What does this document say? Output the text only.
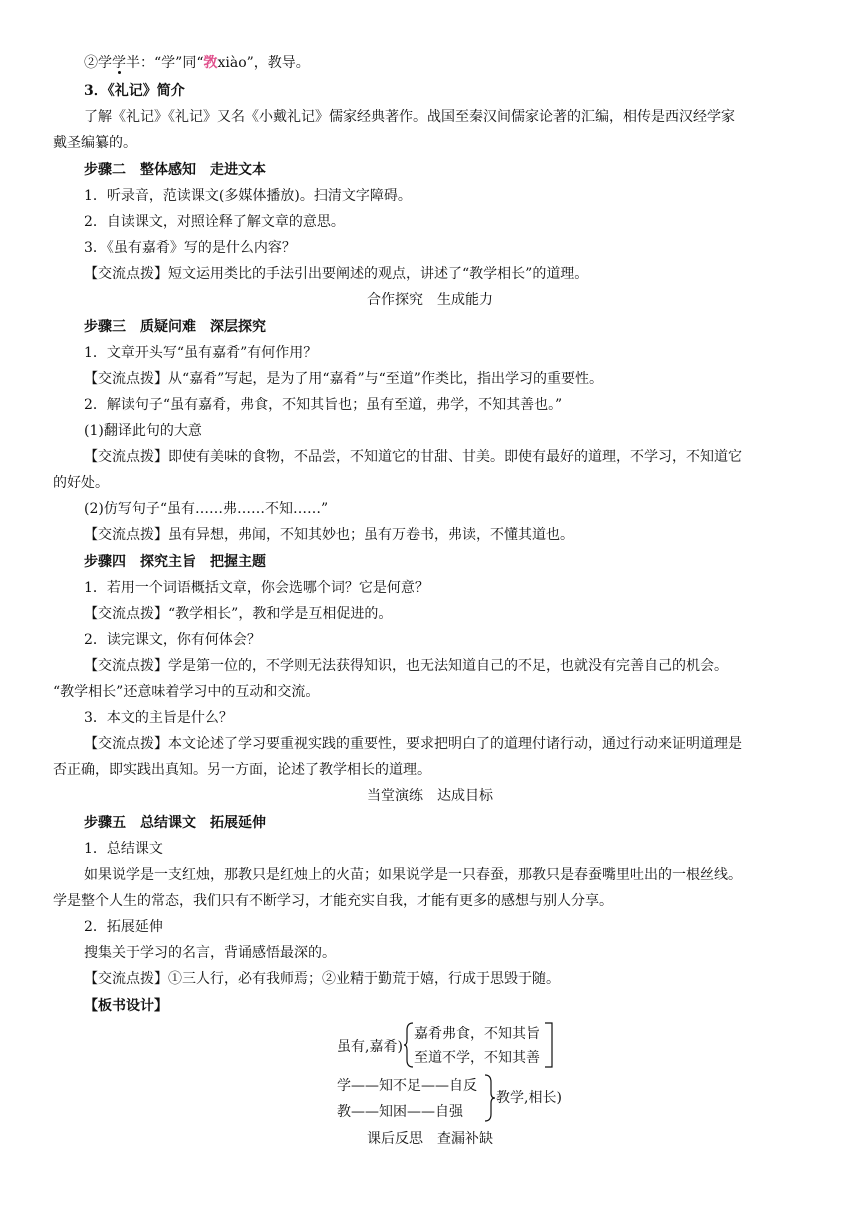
②学学半：“学”同“敩xiào”，教导。
3．《礼记》简介
了解《礼记》《礼记》又名《小戴礼记》儒家经典著作。战国至秦汉间儒家论著的汇编，相传是西汉经学家
戴圣编纂的。
步骤二　整体感知　走进文本
1．听录音，范读课文(多媒体播放)。扫清文字障碍。
2．自读课文，对照诠释了解文章的意思。
3．《虽有嘉肴》写的是什么内容？
【交流点拨】短文运用类比的手法引出要阐述的观点，讲述了“教学相长”的道理。
合作探究　生成能力
步骤三　质疑问难　深层探究
1．文章开头写“虽有嘉肴”有何作用？
【交流点拨】从“嘉肴”写起，是为了用“嘉肴”与“至道”作类比，指出学习的重要性。
2．解读句子“虽有嘉肴，弗食，不知其旨也；虽有至道，弗学，不知其善也。”
(1)翻译此句的大意
【交流点拨】即使有美味的食物，不品尝，不知道它的甘甜、甘美。即使有最好的道理，不学习，不知道它
的好处。
(2)仿写句子“虽有……弗……不知……”
【交流点拨】虽有异想，弗闻，不知其妙也；虽有万卷书，弗读，不懂其道也。
步骤四　探究主旨　把握主题
1．若用一个词语概括文章，你会选哪个词？它是何意？
【交流点拨】“教学相长”，教和学是互相促进的。
2．读完课文，你有何体会？
【交流点拨】学是第一位的，不学则无法获得知识，也无法知道自己的不足，也就没有完善自己的机会。
“教学相长”还意味着学习中的互动和交流。
3．本文的主旨是什么？
【交流点拨】本文论述了学习要重视实践的重要性，要求把明白了的道理付诸行动，通过行动来证明道理是
否正确，即实践出真知。另一方面，论述了教学相长的道理。
当堂演练　达成目标
步骤五　总结课文　拓展延伸
1．总结课文
如果说学是一支红烛，那教只是红烛上的火苗；如果说学是一只春蚕，那教只是春蚕嘴里吐出的一根丝线。
学是整个人生的常态，我们只有不断学习，才能充实自我，才能有更多的感想与别人分享。
2．拓展延伸
搜集关于学习的名言，背诵感悟最深的。
【交流点拨】①三人行，必有我师焉；②业精于勤荒于嬉，行成于思毁于随。
【板书设计】
虽有,嘉肴)
嘉肴弗食，不知其旨
至道不学，不知其善
学——知不足——自反
教——知困——自强
教学,相长)
课后反思　查漏补缺
